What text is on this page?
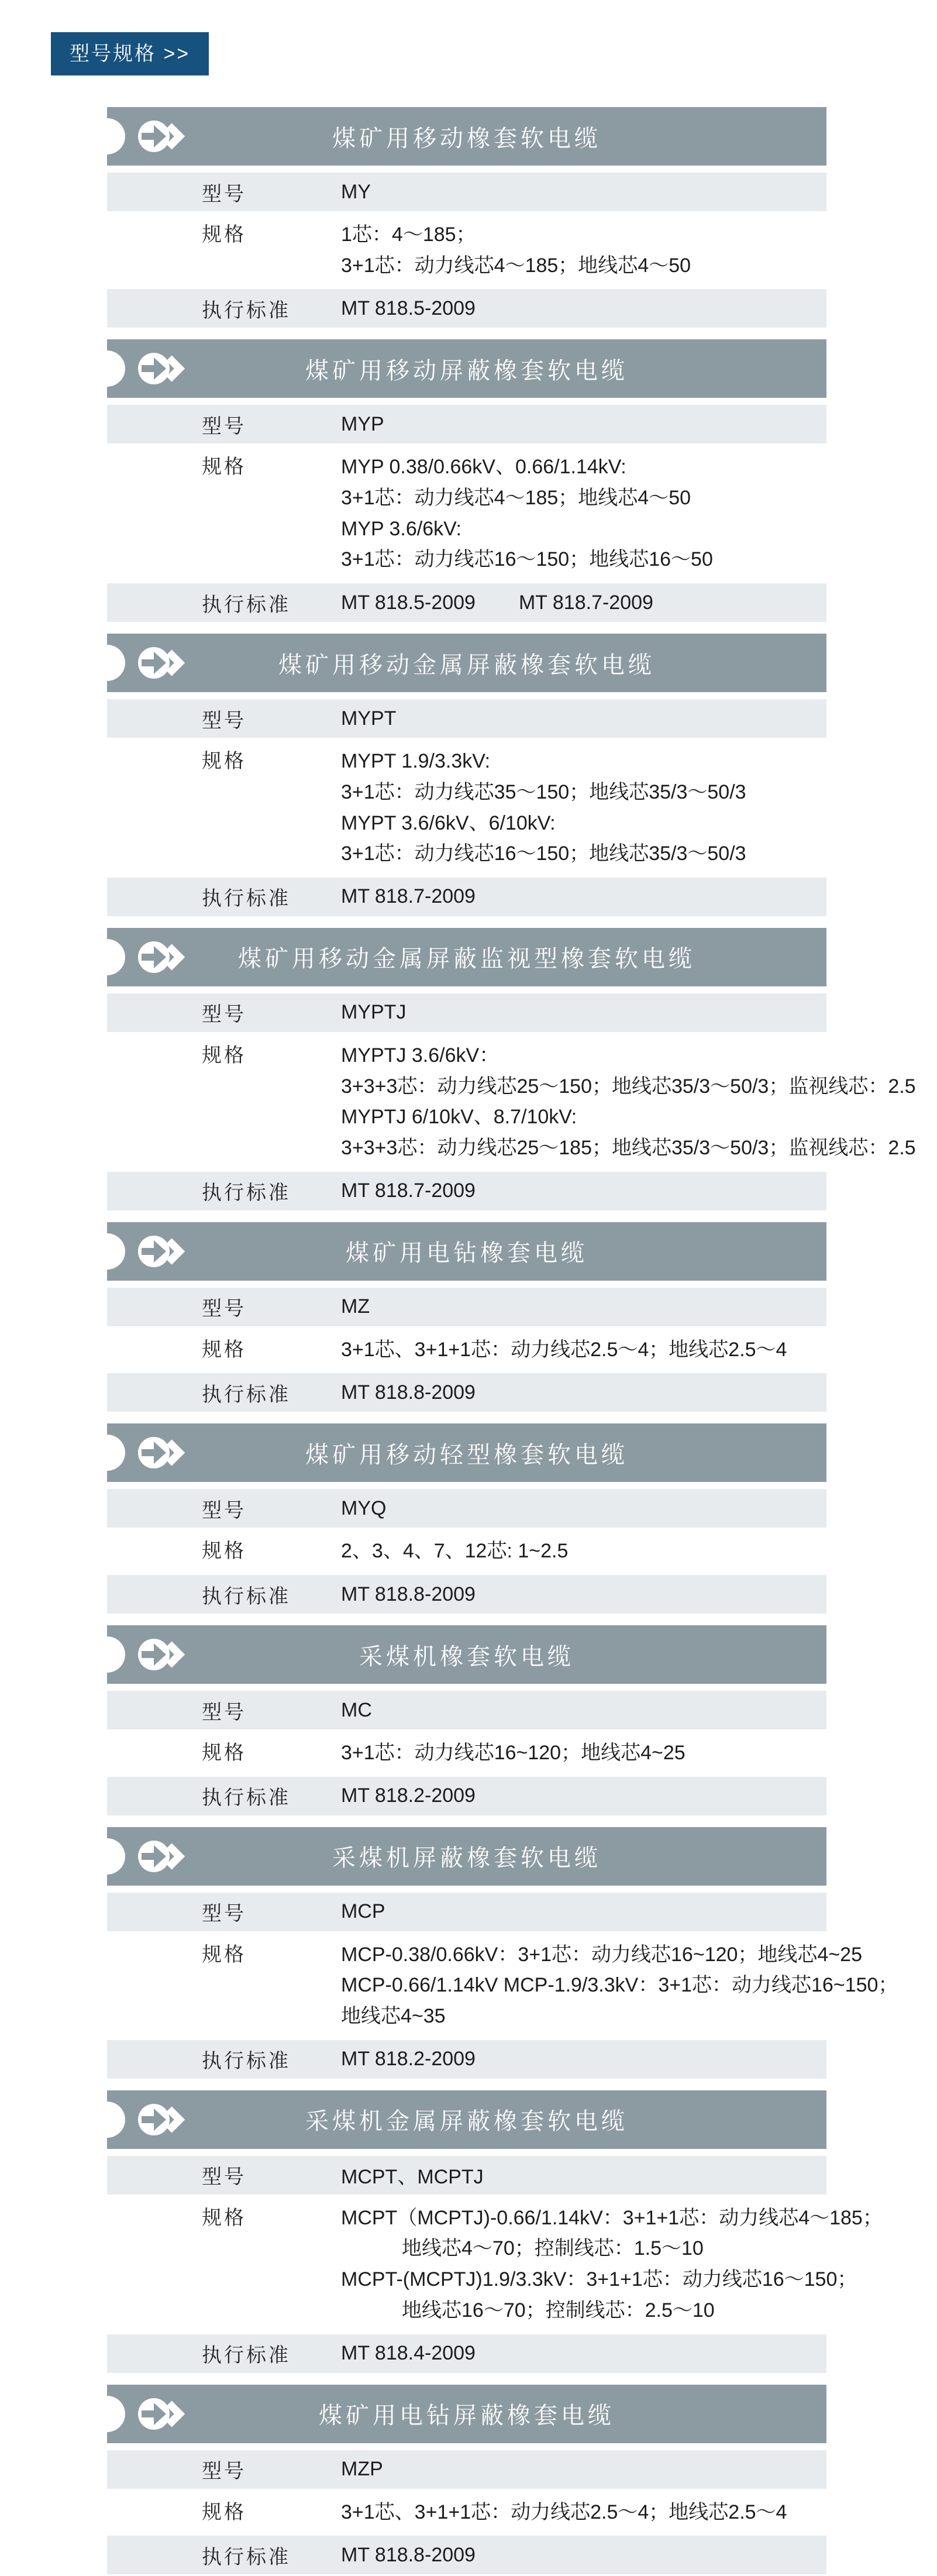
型号规格 >>
煤矿用移动橡套软电缆
型号	MY
规格	1芯：4～185；
3+1芯：动力线芯4～185；地线芯4～50
执行标准	MT 818.5-2009
煤矿用移动屏蔽橡套软电缆
型号	MYP
规格	MYP 0.38/0.66kV、0.66/1.14kV:
3+1芯：动力线芯4～185；地线芯4～50
MYP 3.6/6kV:
3+1芯：动力线芯16～150；地线芯16～50
执行标准	MT 818.5-2009 MT 818.7-2009
煤矿用移动金属屏蔽橡套软电缆
型号	MYPT
规格	MYPT 1.9/3.3kV:
3+1芯：动力线芯35～150；地线芯35/3～50/3
MYPT 3.6/6kV、6/10kV:
3+1芯：动力线芯16～150；地线芯35/3～50/3
执行标准	MT 818.7-2009
煤矿用移动金属屏蔽监视型橡套软电缆
型号	MYPTJ
规格	MYPTJ 3.6/6kV：
3+3+3芯：动力线芯25～150；地线芯35/3～50/3；监视线芯：2.5
MYPTJ 6/10kV、8.7/10kV:
3+3+3芯：动力线芯25～185；地线芯35/3～50/3；监视线芯：2.5
执行标准	MT 818.7-2009
煤矿用电钻橡套电缆
型号	MZ
规格	3+1芯、3+1+1芯：动力线芯2.5～4；地线芯2.5～4
执行标准	MT 818.8-2009
煤矿用移动轻型橡套软电缆
型号	MYQ
规格	2、3、4、7、12芯: 1~2.5
执行标准	MT 818.8-2009
采煤机橡套软电缆
型号	MC
规格	3+1芯：动力线芯16~120；地线芯4~25
执行标准	MT 818.2-2009
采煤机屏蔽橡套软电缆
型号	MCP
规格	MCP-0.38/0.66kV：3+1芯：动力线芯16~120；地线芯4~25
MCP-0.66/1.14kV MCP-1.9/3.3kV：3+1芯：动力线芯16~150；
地线芯4~35
执行标准	MT 818.2-2009
采煤机金属屏蔽橡套软电缆
型号	MCPT、MCPTJ
规格	MCPT（MCPTJ)-0.66/1.14kV：3+1+1芯：动力线芯4～185；
地线芯4～70；控制线芯：1.5～10
MCPT-(MCPTJ)1.9/3.3kV：3+1+1芯：动力线芯16～150；
地线芯16～70；控制线芯：2.5～10
执行标准	MT 818.4-2009
煤矿用电钻屏蔽橡套电缆
型号	MZP
规格	3+1芯、3+1+1芯：动力线芯2.5～4；地线芯2.5～4
执行标准	MT 818.8-2009
